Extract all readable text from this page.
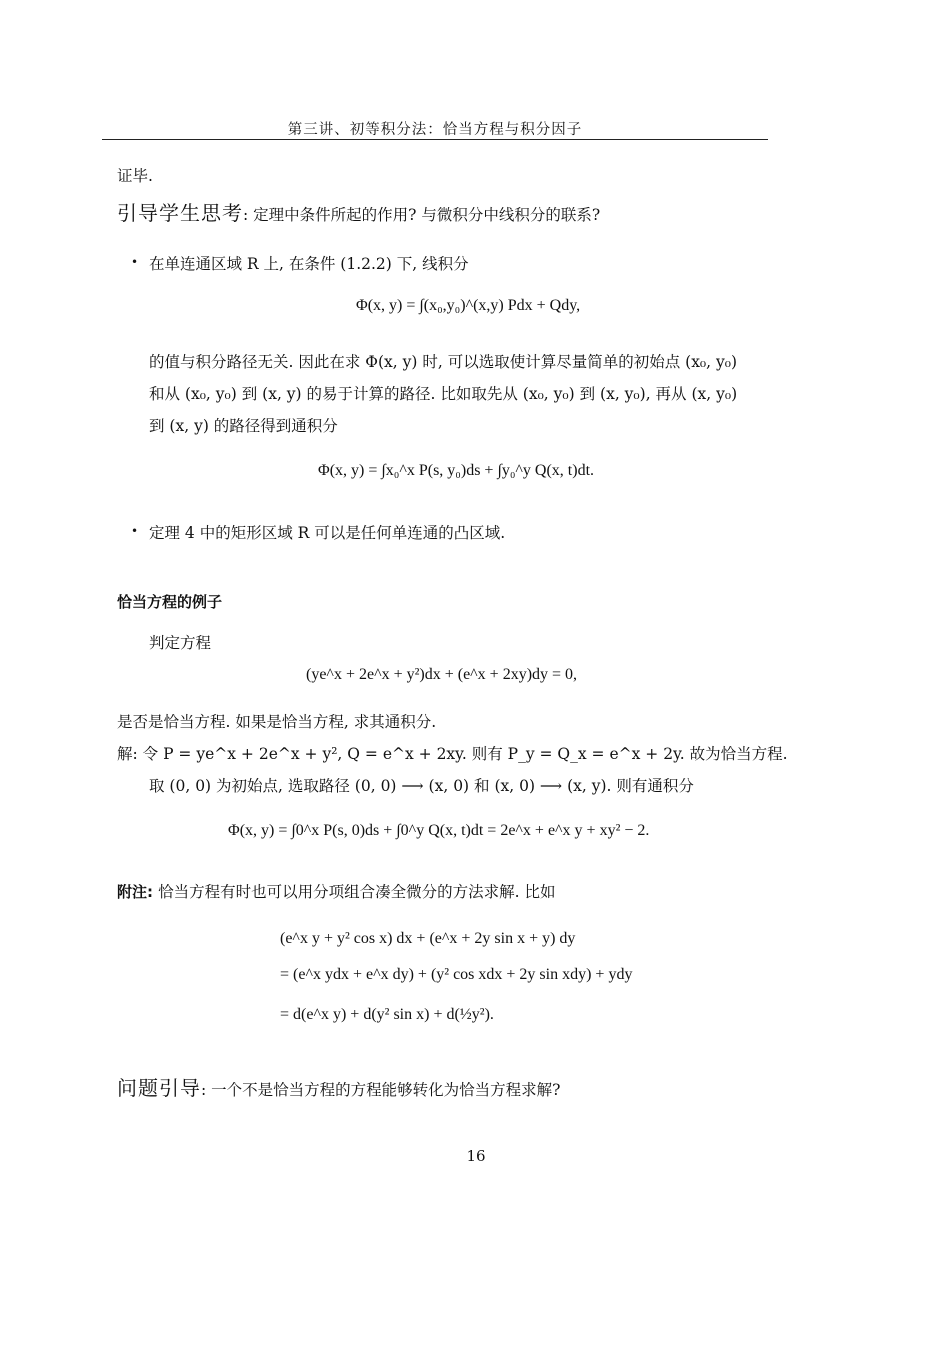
第三讲、初等积分法：恰当方程与积分因子
证毕.
引导学生思考: 定理中条件所起的作用? 与微积分中线积分的联系?
• 在单连通区域 R 上, 在条件 (1.2.2) 下, 线积分
Φ(x, y) = ∫(x₀,y₀)^(x,y) Pdx + Qdy,
的值与积分路径无关. 因此在求 Φ(x, y) 时, 可以选取使计算尽量简单的初始点 (x₀, y₀)
和从 (x₀, y₀) 到 (x, y) 的易于计算的路径. 比如取先从 (x₀, y₀) 到 (x, y₀), 再从 (x, y₀)
到 (x, y) 的路径得到通积分
Φ(x, y) = ∫x₀^x P(s, y₀)ds + ∫y₀^y Q(x, t)dt.
• 定理 4 中的矩形区域 R 可以是任何单连通的凸区域.
恰当方程的例子
判定方程
(ye^x + 2e^x + y²)dx + (e^x + 2xy)dy = 0,
是否是恰当方程. 如果是恰当方程, 求其通积分.
解: 令 P = ye^x + 2e^x + y², Q = e^x + 2xy. 则有 P_y = Q_x = e^x + 2y. 故为恰当方程.
取 (0, 0) 为初始点, 选取路径 (0, 0) ⟶ (x, 0) 和 (x, 0) ⟶ (x, y). 则有通积分
Φ(x, y) = ∫0^x P(s, 0)ds + ∫0^y Q(x, t)dt = 2e^x + e^x y + xy² − 2.
附注: 恰当方程有时也可以用分项组合凑全微分的方法求解. 比如
(e^x y + y² cos x) dx + (e^x + 2y sin x + y) dy
= (e^x ydx + e^x dy) + (y² cos xdx + 2y sin xdy) + ydy
= d(e^x y) + d(y² sin x) + d(½y²).
问题引导: 一个不是恰当方程的方程能够转化为恰当方程求解?
16
